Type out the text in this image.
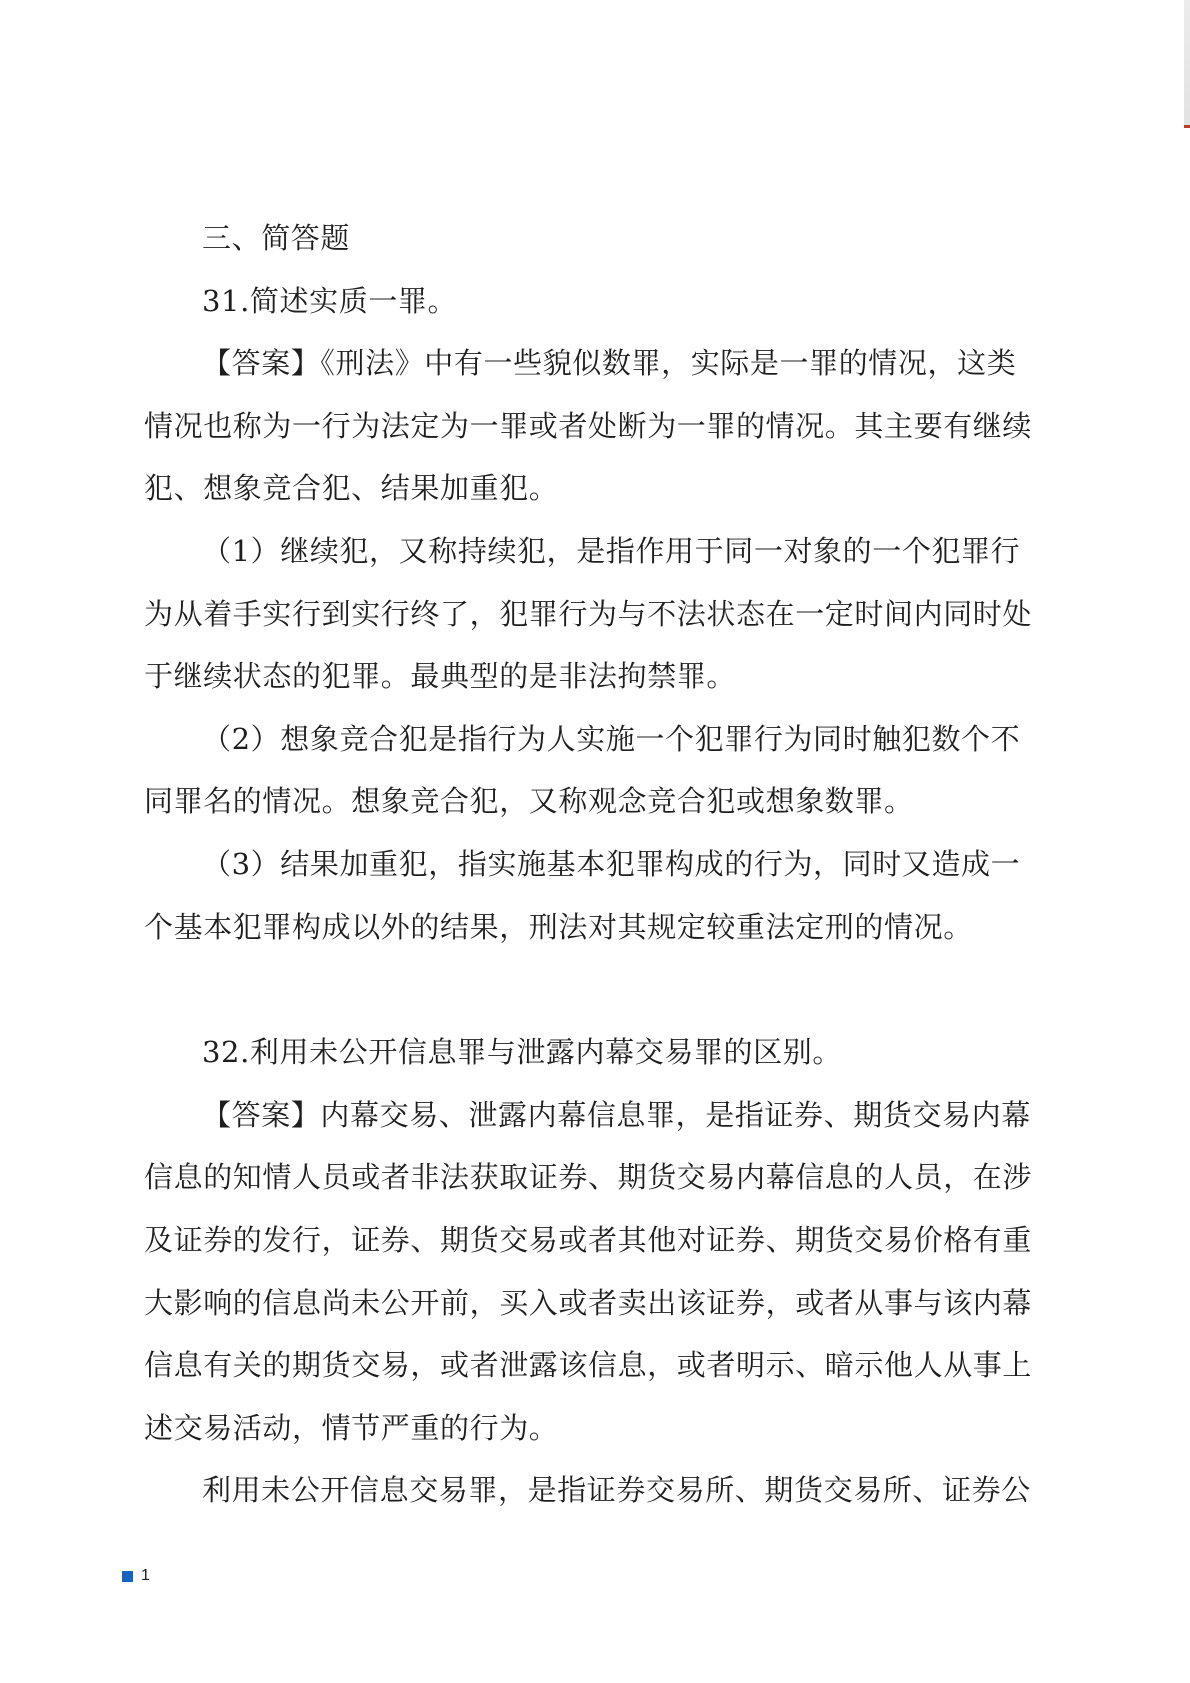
三、简答题

31.简述实质一罪。

【答案】《刑法》中有一些貌似数罪，实际是一罪的情况，这类情况也称为一行为法定为一罪或者处断为一罪的情况。其主要有继续犯、想象竞合犯、结果加重犯。

（1）继续犯，又称持续犯，是指作用于同一对象的一个犯罪行为从着手实行到实行终了，犯罪行为与不法状态在一定时间内同时处于继续状态的犯罪。最典型的是非法拘禁罪。

（2）想象竞合犯是指行为人实施一个犯罪行为同时触犯数个不同罪名的情况。想象竞合犯，又称观念竞合犯或想象数罪。

（3）结果加重犯，指实施基本犯罪构成的行为，同时又造成一个基本犯罪构成以外的结果，刑法对其规定较重法定刑的情况。

32.利用未公开信息罪与泄露内幕交易罪的区别。

【答案】内幕交易、泄露内幕信息罪，是指证券、期货交易内幕信息的知情人员或者非法获取证券、期货交易内幕信息的人员，在涉及证券的发行，证券、期货交易或者其他对证券、期货交易价格有重大影响的信息尚未公开前，买入或者卖出该证券，或者从事与该内幕信息有关的期货交易，或者泄露该信息，或者明示、暗示他人从事上述交易活动，情节严重的行为。

利用未公开信息交易罪，是指证券交易所、期货交易所、证券公

1
